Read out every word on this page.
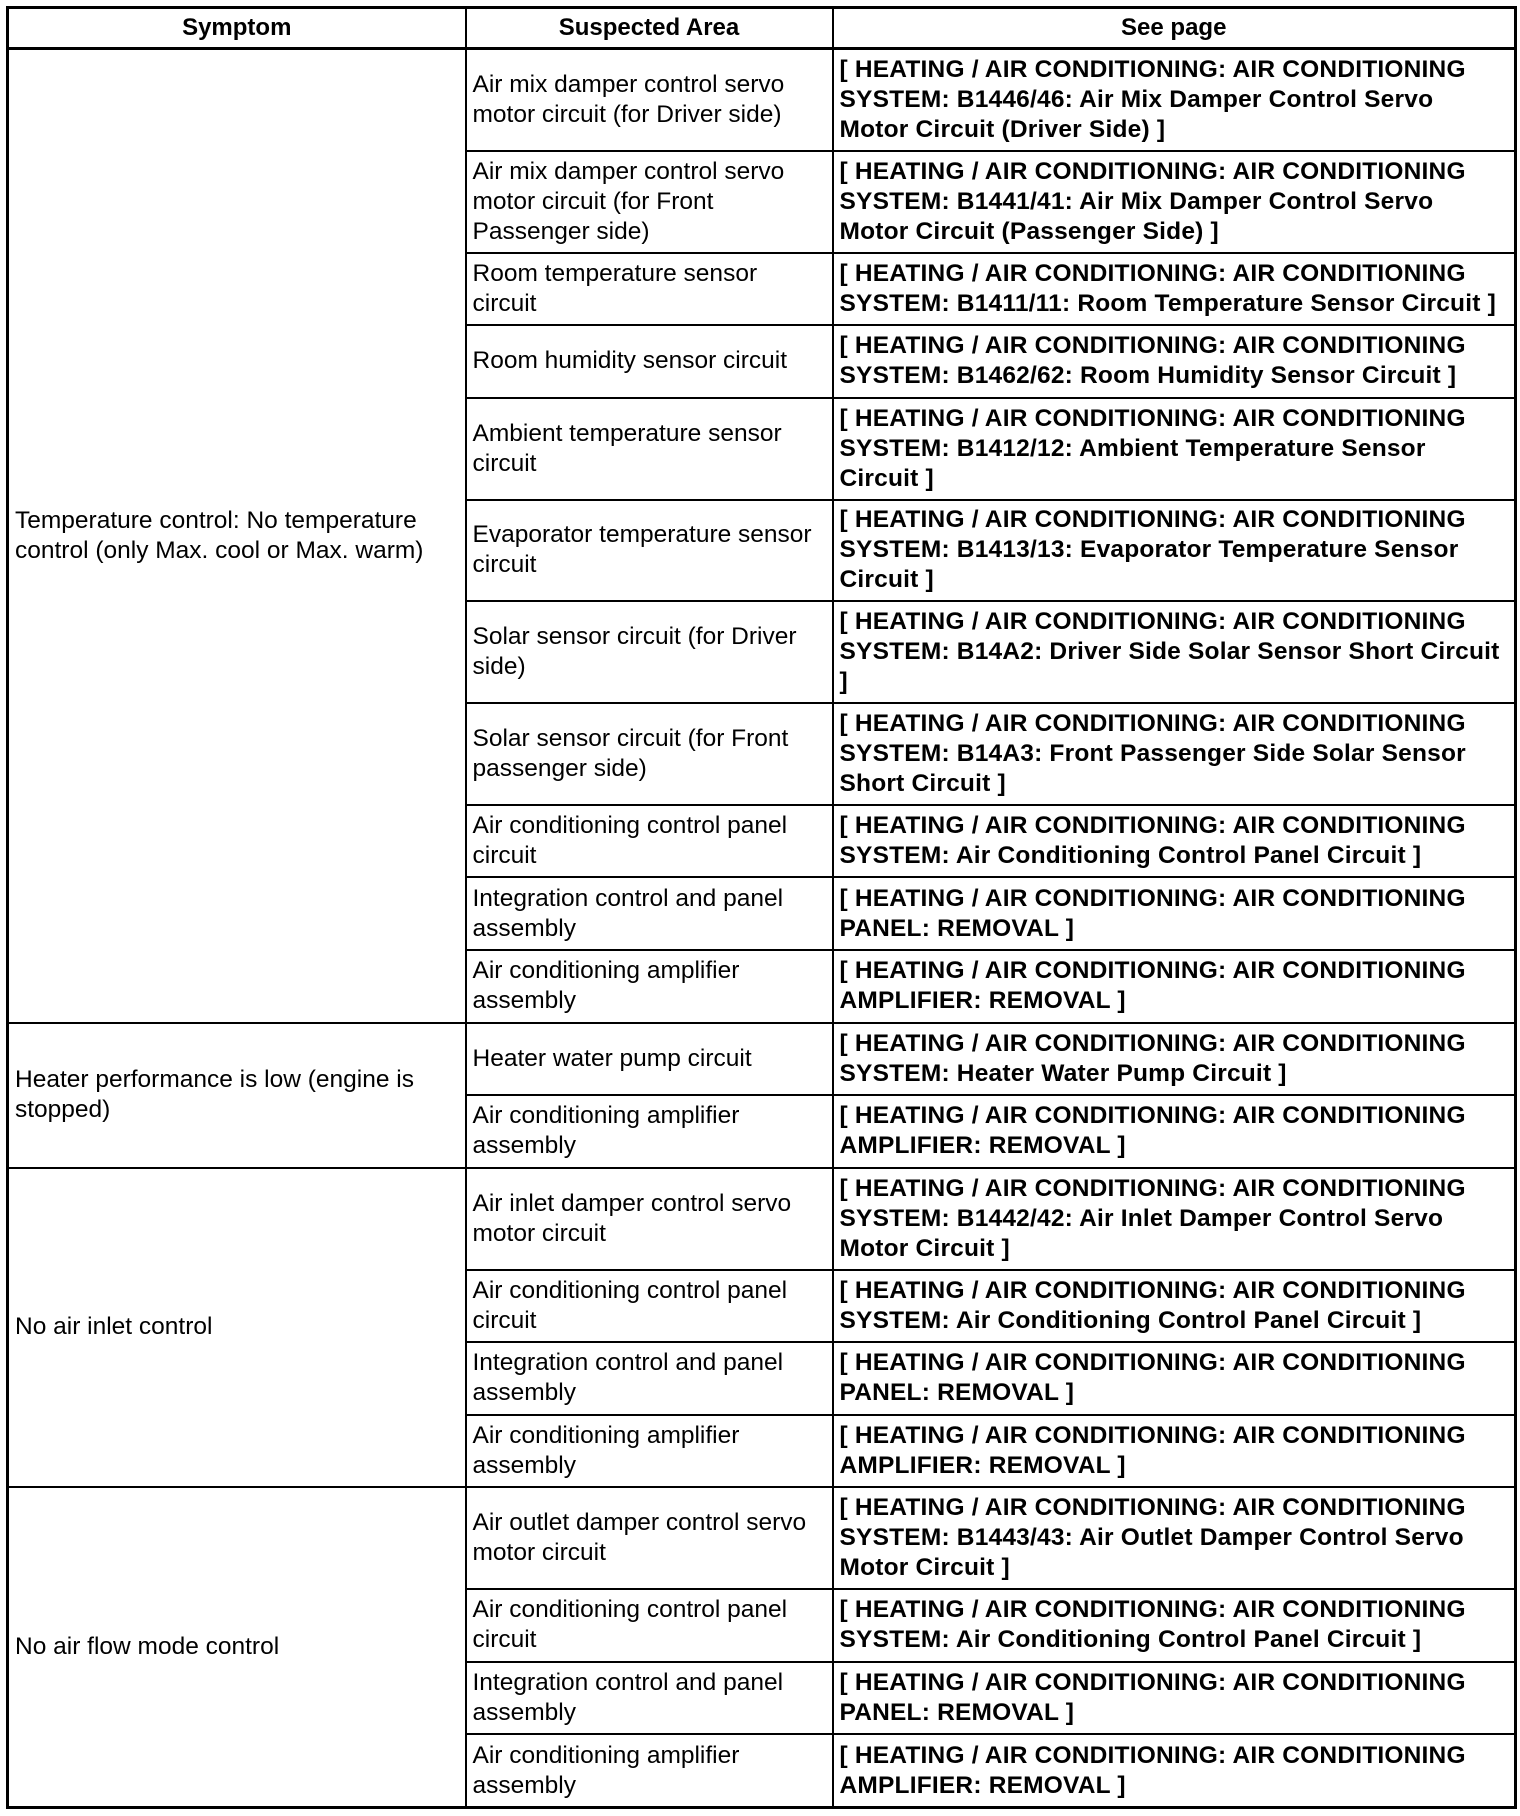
Symptom	Suspected Area	See page
Temperature control: No temperature control (only Max. cool or Max. warm)	Air mix damper control servo motor circuit (for Driver side)	[ HEATING / AIR CONDITIONING: AIR CONDITIONING SYSTEM: B1446/46: Air Mix Damper Control Servo Motor Circuit (Driver Side) ]
	Air mix damper control servo motor circuit (for Front Passenger side)	[ HEATING / AIR CONDITIONING: AIR CONDITIONING SYSTEM: B1441/41: Air Mix Damper Control Servo Motor Circuit (Passenger Side) ]
	Room temperature sensor circuit	[ HEATING / AIR CONDITIONING: AIR CONDITIONING SYSTEM: B1411/11: Room Temperature Sensor Circuit ]
	Room humidity sensor circuit	[ HEATING / AIR CONDITIONING: AIR CONDITIONING SYSTEM: B1462/62: Room Humidity Sensor Circuit ]
	Ambient temperature sensor circuit	[ HEATING / AIR CONDITIONING: AIR CONDITIONING SYSTEM: B1412/12: Ambient Temperature Sensor Circuit ]
	Evaporator temperature sensor circuit	[ HEATING / AIR CONDITIONING: AIR CONDITIONING SYSTEM: B1413/13: Evaporator Temperature Sensor Circuit ]
	Solar sensor circuit (for Driver side)	[ HEATING / AIR CONDITIONING: AIR CONDITIONING SYSTEM: B14A2: Driver Side Solar Sensor Short Circuit ]
	Solar sensor circuit (for Front passenger side)	[ HEATING / AIR CONDITIONING: AIR CONDITIONING SYSTEM: B14A3: Front Passenger Side Solar Sensor Short Circuit ]
	Air conditioning control panel circuit	[ HEATING / AIR CONDITIONING: AIR CONDITIONING SYSTEM: Air Conditioning Control Panel Circuit ]
	Integration control and panel assembly	[ HEATING / AIR CONDITIONING: AIR CONDITIONING PANEL: REMOVAL ]
	Air conditioning amplifier assembly	[ HEATING / AIR CONDITIONING: AIR CONDITIONING AMPLIFIER: REMOVAL ]
Heater performance is low (engine is stopped)	Heater water pump circuit	[ HEATING / AIR CONDITIONING: AIR CONDITIONING SYSTEM: Heater Water Pump Circuit ]
	Air conditioning amplifier assembly	[ HEATING / AIR CONDITIONING: AIR CONDITIONING AMPLIFIER: REMOVAL ]
No air inlet control	Air inlet damper control servo motor circuit	[ HEATING / AIR CONDITIONING: AIR CONDITIONING SYSTEM: B1442/42: Air Inlet Damper Control Servo Motor Circuit ]
	Air conditioning control panel circuit	[ HEATING / AIR CONDITIONING: AIR CONDITIONING SYSTEM: Air Conditioning Control Panel Circuit ]
	Integration control and panel assembly	[ HEATING / AIR CONDITIONING: AIR CONDITIONING PANEL: REMOVAL ]
	Air conditioning amplifier assembly	[ HEATING / AIR CONDITIONING: AIR CONDITIONING AMPLIFIER: REMOVAL ]
No air flow mode control	Air outlet damper control servo motor circuit	[ HEATING / AIR CONDITIONING: AIR CONDITIONING SYSTEM: B1443/43: Air Outlet Damper Control Servo Motor Circuit ]
	Air conditioning control panel circuit	[ HEATING / AIR CONDITIONING: AIR CONDITIONING SYSTEM: Air Conditioning Control Panel Circuit ]
	Integration control and panel assembly	[ HEATING / AIR CONDITIONING: AIR CONDITIONING PANEL: REMOVAL ]
	Air conditioning amplifier assembly	[ HEATING / AIR CONDITIONING: AIR CONDITIONING AMPLIFIER: REMOVAL ]
